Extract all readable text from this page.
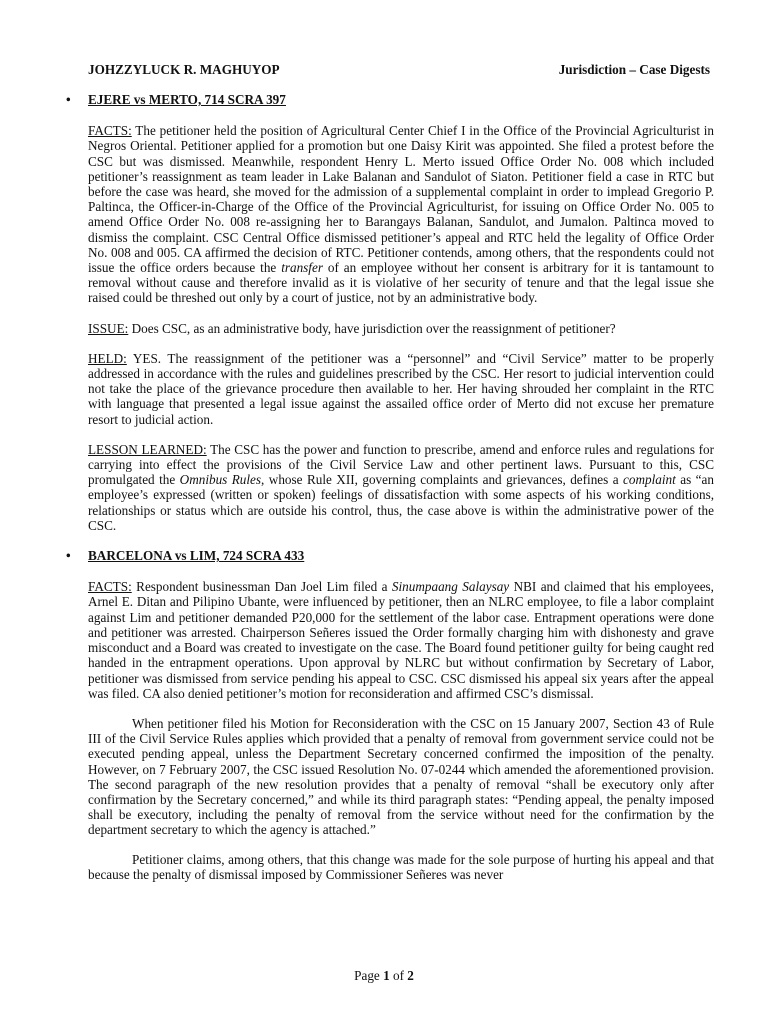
JOHZZYLUCK R. MAGHUYOP	Jurisdiction – Case Digests
• EJERE vs MERTO, 714 SCRA 397

FACTS: The petitioner held the position of Agricultural Center Chief I in the Office of the Provincial Agriculturist in Negros Oriental. Petitioner applied for a promotion but one Daisy Kirit was appointed. She filed a protest before the CSC but was dismissed. Meanwhile, respondent Henry L. Merto issued Office Order No. 008 which included petitioner’s reassignment as team leader in Lake Balanan and Sandulot of Siaton. Petitioner field a case in RTC but before the case was heard, she moved for the admission of a supplemental complaint in order to implead Gregorio P. Paltinca, the Officer-in-Charge of the Office of the Provincial Agriculturist, for issuing on Office Order No. 005 to amend Office Order No. 008 re-assigning her to Barangays Balanan, Sandulot, and Jumalon. Paltinca moved to dismiss the complaint. CSC Central Office dismissed petitioner’s appeal and RTC held the legality of Office Order No. 008 and 005. CA affirmed the decision of RTC. Petitioner contends, among others, that the respondents could not issue the office orders because the transfer of an employee without her consent is arbitrary for it is tantamount to removal without cause and therefore invalid as it is violative of her security of tenure and that the legal issue she raised could be threshed out only by a court of justice, not by an administrative body.

ISSUE: Does CSC, as an administrative body, have jurisdiction over the reassignment of petitioner?

HELD: YES. The reassignment of the petitioner was a “personnel” and “Civil Service” matter to be properly addressed in accordance with the rules and guidelines prescribed by the CSC. Her resort to judicial intervention could not take the place of the grievance procedure then available to her. Her having shrouded her complaint in the RTC with language that presented a legal issue against the assailed office order of Merto did not excuse her premature resort to judicial action.

LESSON LEARNED: The CSC has the power and function to prescribe, amend and enforce rules and regulations for carrying into effect the provisions of the Civil Service Law and other pertinent laws. Pursuant to this, CSC promulgated the Omnibus Rules, whose Rule XII, governing complaints and grievances, defines a complaint as “an employee’s expressed (written or spoken) feelings of dissatisfaction with some aspects of his working conditions, relationships or status which are outside his control, thus, the case above is within the administrative power of the CSC.

• BARCELONA vs LIM, 724 SCRA 433

FACTS: Respondent businessman Dan Joel Lim filed a Sinumpaang Salaysay NBI and claimed that his employees, Arnel E. Ditan and Pilipino Ubante, were influenced by petitioner, then an NLRC employee, to file a labor complaint against Lim and petitioner demanded P20,000 for the settlement of the labor case. Entrapment operations were done and petitioner was arrested. Chairperson Señeres issued the Order formally charging him with dishonesty and grave misconduct and a Board was created to investigate on the case. The Board found petitioner guilty for being caught red handed in the entrapment operations. Upon approval by NLRC but without confirmation by Secretary of Labor, petitioner was dismissed from service pending his appeal to CSC. CSC dismissed his appeal six years after the appeal was filed. CA also denied petitioner’s motion for reconsideration and affirmed CSC’s dismissal.

When petitioner filed his Motion for Reconsideration with the CSC on 15 January 2007, Section 43 of Rule III of the Civil Service Rules applies which provided that a penalty of removal from government service could not be executed pending appeal, unless the Department Secretary concerned confirmed the imposition of the penalty. However, on 7 February 2007, the CSC issued Resolution No. 07-0244 which amended the aforementioned provision. The second paragraph of the new resolution provides that a penalty of removal “shall be executory only after confirmation by the Secretary concerned,” and while its third paragraph states: “Pending appeal, the penalty imposed shall be executory, including the penalty of removal from the service without need for the confirmation by the department secretary to which the agency is attached.”

Petitioner claims, among others, that this change was made for the sole purpose of hurting his appeal and that because the penalty of dismissal imposed by Commissioner Señeres was never

Page 1 of 2
